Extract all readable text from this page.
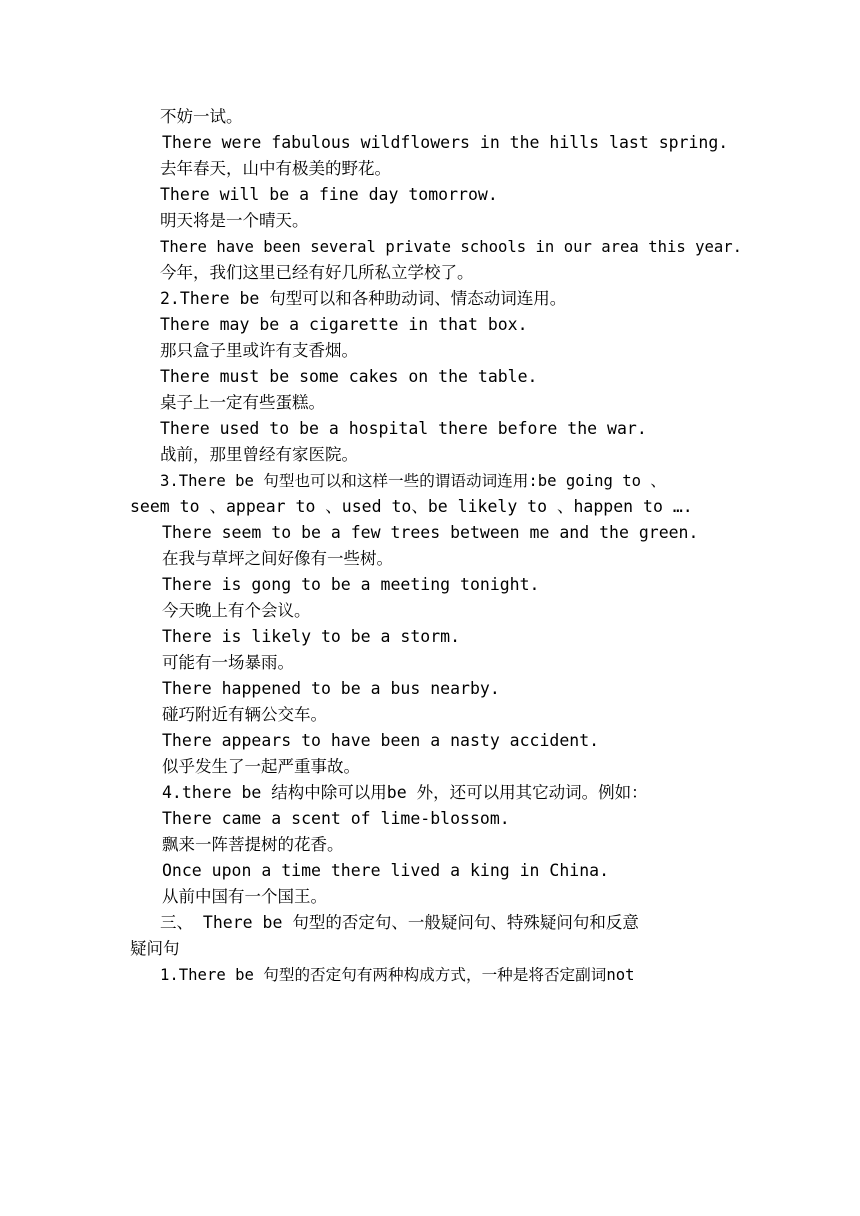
不妨一试。
There were fabulous wildflowers in the hills last spring.
去年春天，山中有极美的野花。
There will be a fine day tomorrow.
明天将是一个晴天。
There have been several private schools in our area this year.
今年，我们这里已经有好几所私立学校了。
2.There be 句型可以和各种助动词、情态动词连用。
There may be a cigarette in that box.
那只盒子里或许有支香烟。
There must be some cakes on the table.
桌子上一定有些蛋糕。
There used to be a hospital there before the war.
战前，那里曾经有家医院。
3.There be 句型也可以和这样一些的谓语动词连用:be going to 、
seem to 、appear to 、used to、be likely to 、happen to ….
There seem to be a few trees between me and the green.
在我与草坪之间好像有一些树。
There is gong to be a meeting tonight.
今天晚上有个会议。
There is likely to be a storm.
可能有一场暴雨。
There happened to be a bus nearby.
碰巧附近有辆公交车。
There appears to have been a nasty accident.
似乎发生了一起严重事故。
4.there be 结构中除可以用be 外，还可以用其它动词。例如：
There came a scent of lime-blossom.
飘来一阵菩提树的花香。
Once upon a time there lived a king in China.
从前中国有一个国王。
三、 There be 句型的否定句、一般疑问句、特殊疑问句和反意
疑问句
1.There be 句型的否定句有两种构成方式，一种是将否定副词not
